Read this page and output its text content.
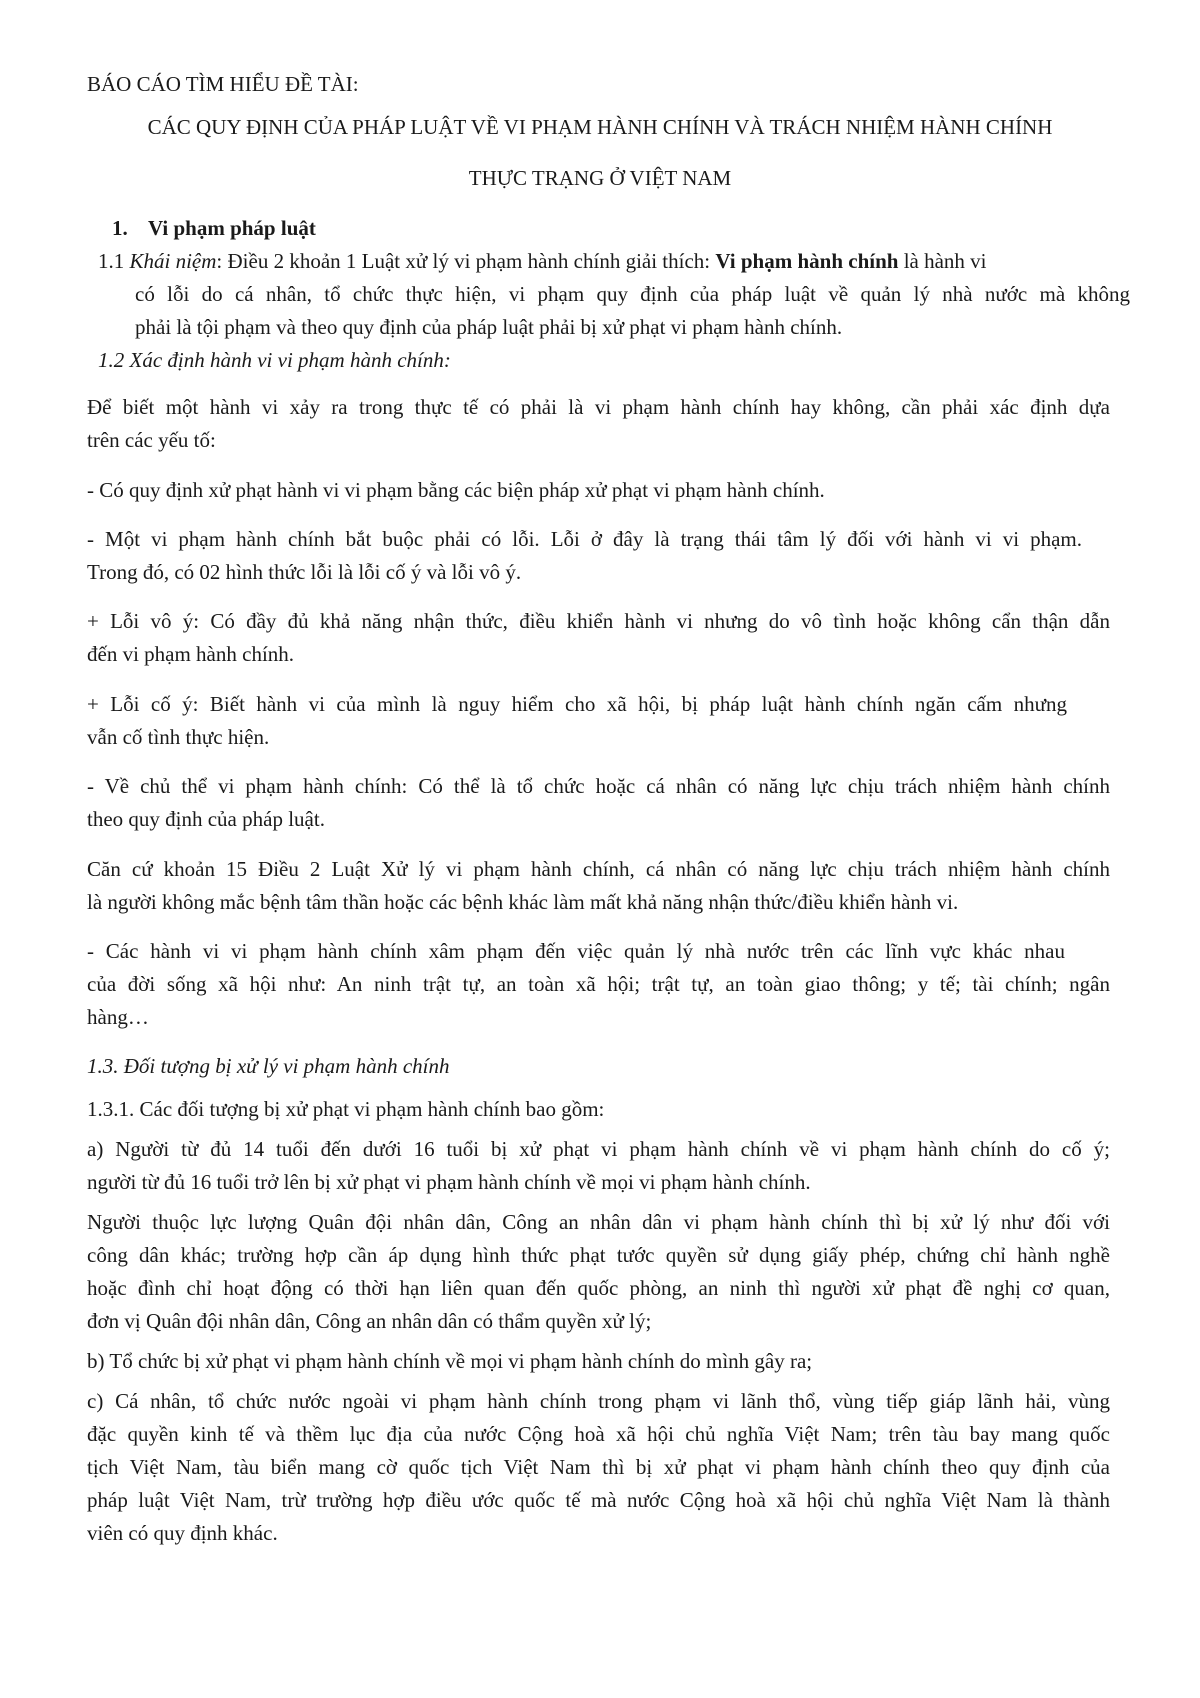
BÁO CÁO TÌM HIỂU ĐỀ TÀI:
CÁC QUY ĐỊNH CỦA PHÁP LUẬT VỀ VI PHẠM HÀNH CHÍNH VÀ TRÁCH NHIỆM HÀNH CHÍNH
THỰC TRẠNG Ở VIỆT NAM
1. Vi phạm pháp luật
1.1 Khái niệm: Điều 2 khoản 1 Luật xử lý vi phạm hành chính giải thích: Vi phạm hành chính là hành vi
có lỗi do cá nhân, tổ chức thực hiện, vi phạm quy định của pháp luật về quản lý nhà nước mà không
phải là tội phạm và theo quy định của pháp luật phải bị xử phạt vi phạm hành chính.
1.2 Xác định hành vi vi phạm hành chính:
Để biết một hành vi xảy ra trong thực tế có phải là vi phạm hành chính hay không, cần phải xác định dựa
trên các yếu tố:
- Có quy định xử phạt hành vi vi phạm bằng các biện pháp xử phạt vi phạm hành chính.
- Một vi phạm hành chính bắt buộc phải có lỗi. Lỗi ở đây là trạng thái tâm lý đối với hành vi vi phạm.
Trong đó, có 02 hình thức lỗi là lỗi cố ý và lỗi vô ý.
+ Lỗi vô ý: Có đầy đủ khả năng nhận thức, điều khiển hành vi nhưng do vô tình hoặc không cẩn thận dẫn
đến vi phạm hành chính.
+ Lỗi cố ý: Biết hành vi của mình là nguy hiểm cho xã hội, bị pháp luật hành chính ngăn cấm nhưng
vẫn cố tình thực hiện.
- Về chủ thể vi phạm hành chính: Có thể là tổ chức hoặc cá nhân có năng lực chịu trách nhiệm hành chính
theo quy định của pháp luật.
Căn cứ khoản 15 Điều 2 Luật Xử lý vi phạm hành chính, cá nhân có năng lực chịu trách nhiệm hành chính
là người không mắc bệnh tâm thần hoặc các bệnh khác làm mất khả năng nhận thức/điều khiển hành vi.
- Các hành vi vi phạm hành chính xâm phạm đến việc quản lý nhà nước trên các lĩnh vực khác nhau
của đời sống xã hội như: An ninh trật tự, an toàn xã hội; trật tự, an toàn giao thông; y tế; tài chính; ngân
hàng…
1.3. Đối tượng bị xử lý vi phạm hành chính
1.3.1. Các đối tượng bị xử phạt vi phạm hành chính bao gồm:
a) Người từ đủ 14 tuổi đến dưới 16 tuổi bị xử phạt vi phạm hành chính về vi phạm hành chính do cố ý;
người từ đủ 16 tuổi trở lên bị xử phạt vi phạm hành chính về mọi vi phạm hành chính.
Người thuộc lực lượng Quân đội nhân dân, Công an nhân dân vi phạm hành chính thì bị xử lý như đối với
công dân khác; trường hợp cần áp dụng hình thức phạt tước quyền sử dụng giấy phép, chứng chỉ hành nghề
hoặc đình chỉ hoạt động có thời hạn liên quan đến quốc phòng, an ninh thì người xử phạt đề nghị cơ quan,
đơn vị Quân đội nhân dân, Công an nhân dân có thẩm quyền xử lý;
b) Tổ chức bị xử phạt vi phạm hành chính về mọi vi phạm hành chính do mình gây ra;
c) Cá nhân, tổ chức nước ngoài vi phạm hành chính trong phạm vi lãnh thổ, vùng tiếp giáp lãnh hải, vùng
đặc quyền kinh tế và thềm lục địa của nước Cộng hoà xã hội chủ nghĩa Việt Nam; trên tàu bay mang quốc
tịch Việt Nam, tàu biển mang cờ quốc tịch Việt Nam thì bị xử phạt vi phạm hành chính theo quy định của
pháp luật Việt Nam, trừ trường hợp điều ước quốc tế mà nước Cộng hoà xã hội chủ nghĩa Việt Nam là thành
viên có quy định khác.
